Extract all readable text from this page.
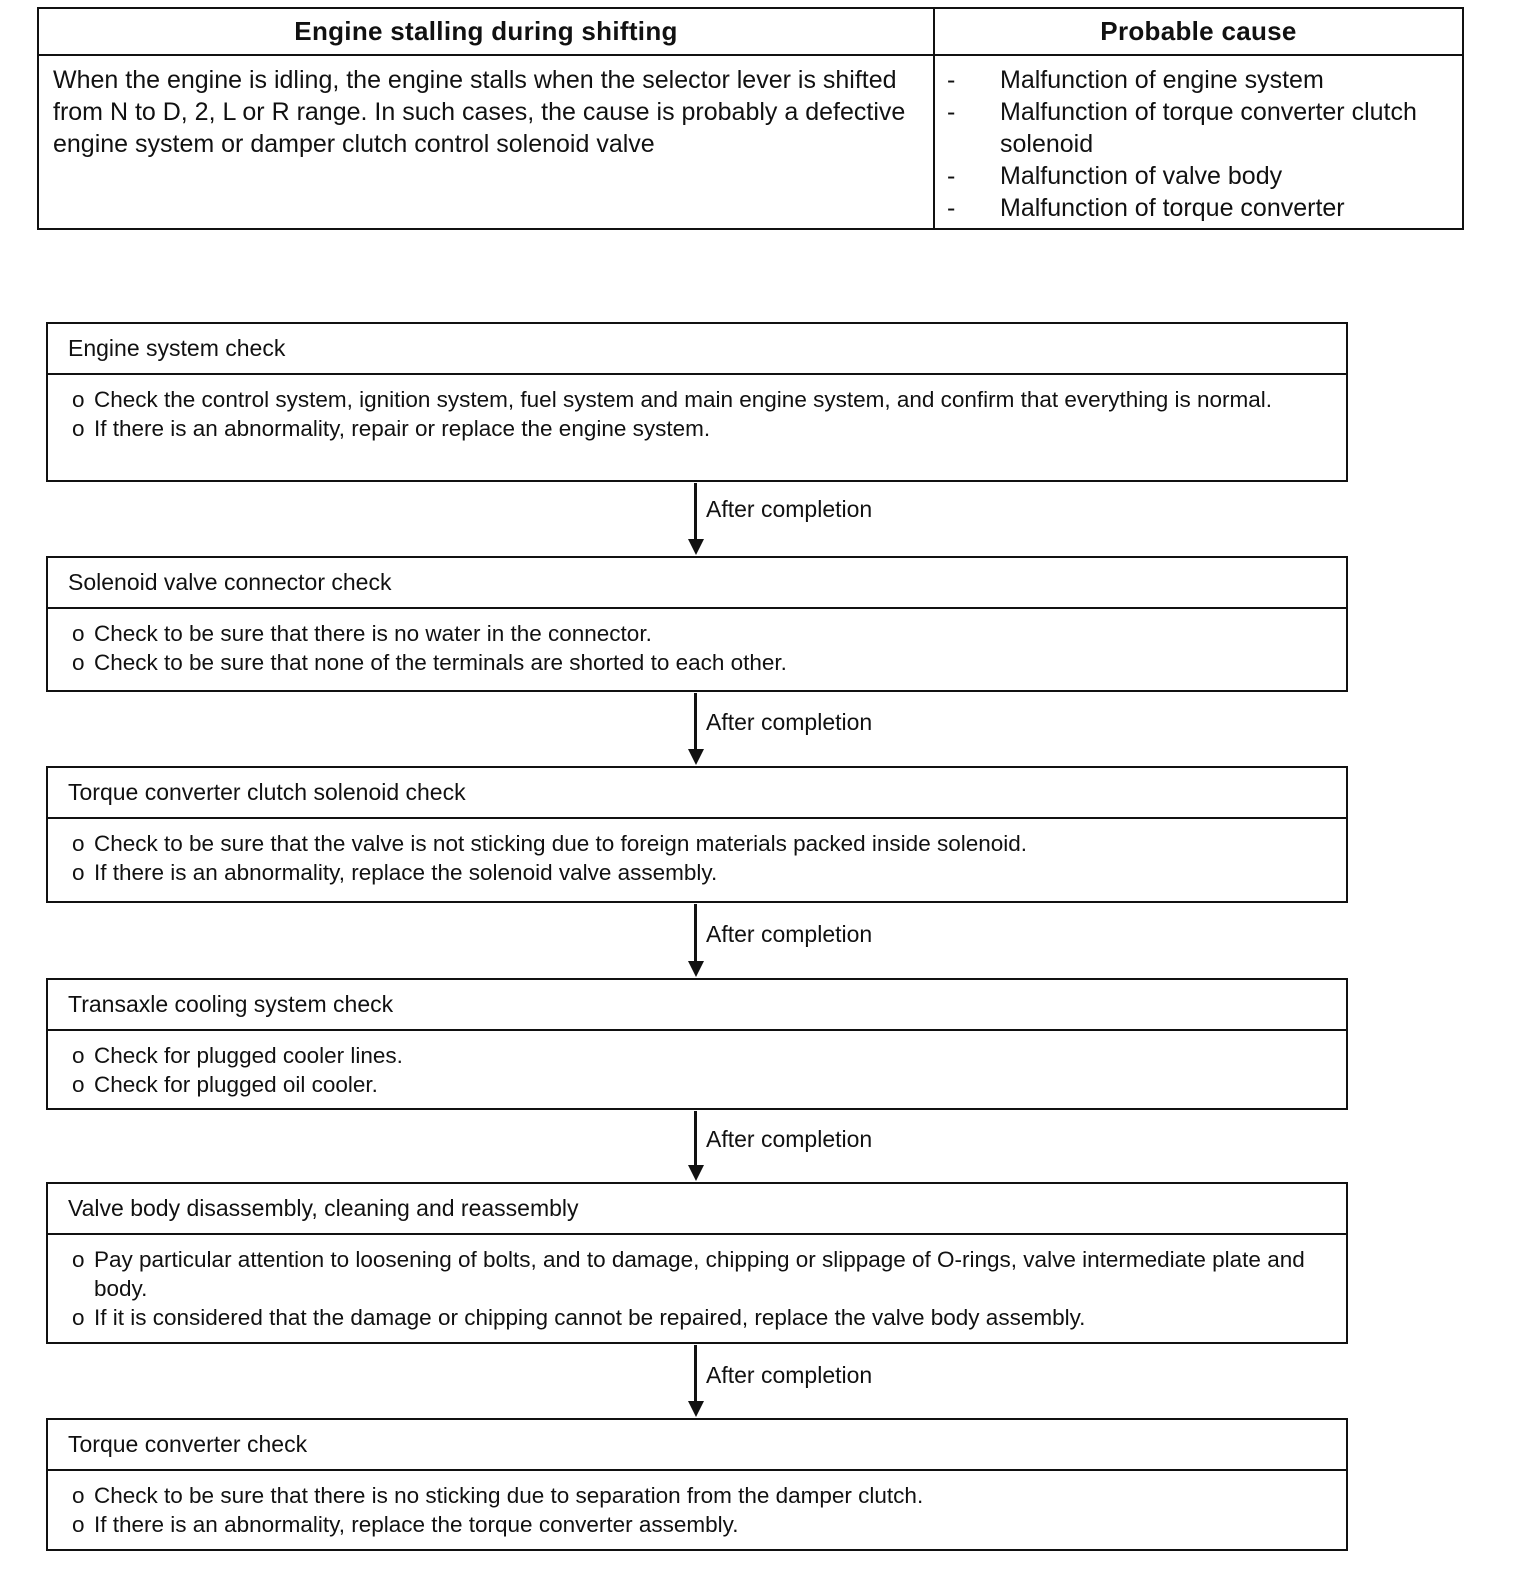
Engine stalling during shifting	Probable cause
When the engine is idling, the engine stalls when the selector lever is shifted from N to D, 2, L or R range. In such cases, the cause is probably a defective engine system or damper clutch control solenoid valve
- Malfunction of engine system
- Malfunction of torque converter clutch solenoid
- Malfunction of valve body
- Malfunction of torque converter
Engine system check
o Check the control system, ignition system, fuel system and main engine system, and confirm that everything is normal.
o If there is an abnormality, repair or replace the engine system.
After completion
Solenoid valve connector check
o Check to be sure that there is no water in the connector.
o Check to be sure that none of the terminals are shorted to each other.
After completion
Torque converter clutch solenoid check
o Check to be sure that the valve is not sticking due to foreign materials packed inside solenoid.
o If there is an abnormality, replace the solenoid valve assembly.
After completion
Transaxle cooling system check
o Check for plugged cooler lines.
o Check for plugged oil cooler.
After completion
Valve body disassembly, cleaning and reassembly
o Pay particular attention to loosening of bolts, and to damage, chipping or slippage of O-rings, valve intermediate plate and body.
o If it is considered that the damage or chipping cannot be repaired, replace the valve body assembly.
After completion
Torque converter check
o Check to be sure that there is no sticking due to separation from the damper clutch.
o If there is an abnormality, replace the torque converter assembly.
